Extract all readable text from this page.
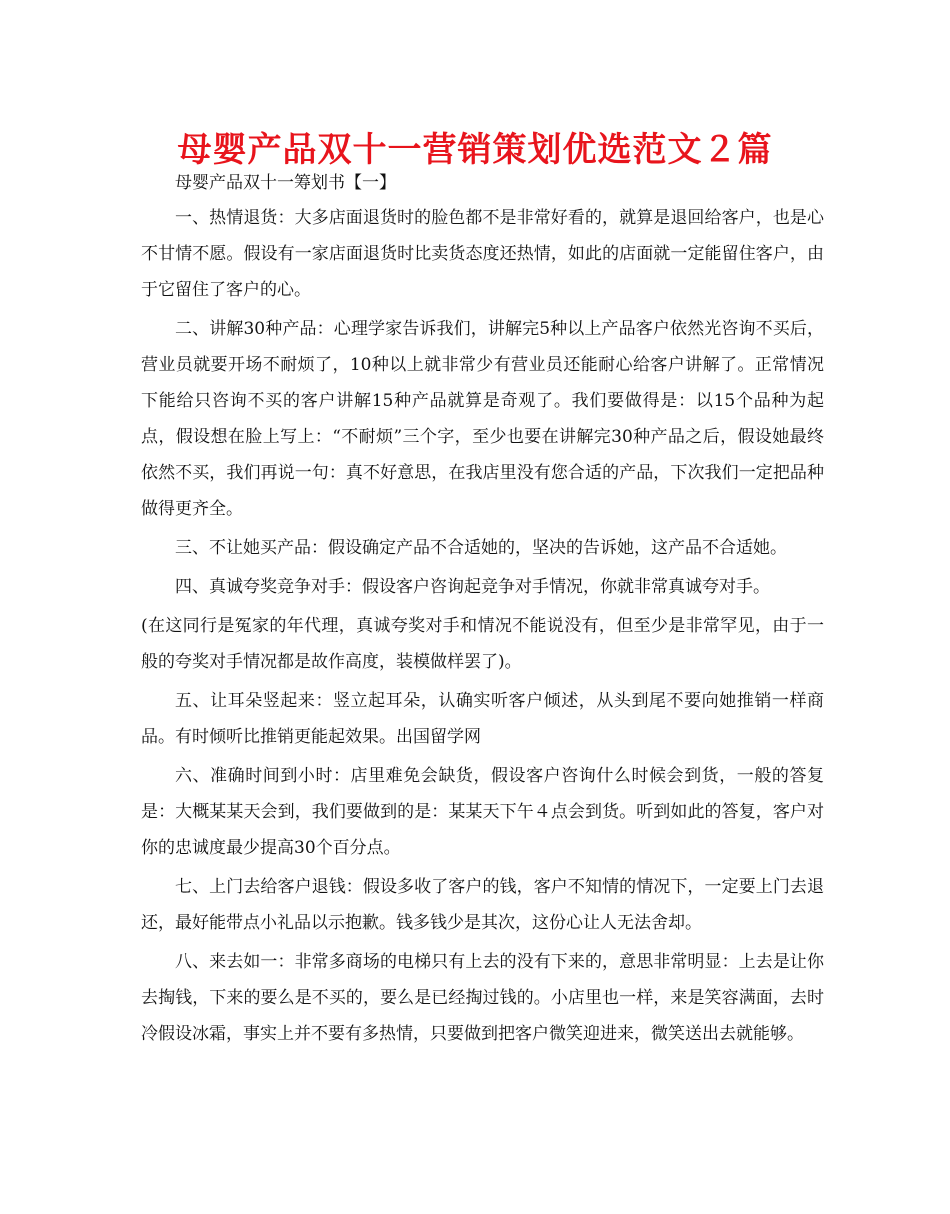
母婴产品双十一营销策划优选范文２篇
母婴产品双十一筹划书【一】

一、热情退货：大多店面退货时的脸色都不是非常好看的，就算是退回给客户，也是心不甘情不愿。假设有一家店面退货时比卖货态度还热情，如此的店面就一定能留住客户，由于它留住了客户的心。

二、讲解30种产品：心理学家告诉我们，讲解完5种以上产品客户依然光咨询不买后，营业员就要开场不耐烦了，10种以上就非常少有营业员还能耐心给客户讲解了。正常情况下能给只咨询不买的客户讲解15种产品就算是奇观了。我们要做得是：以15个品种为起点，假设想在脸上写上：“不耐烦”三个字，至少也要在讲解完30种产品之后，假设她最终依然不买，我们再说一句：真不好意思，在我店里没有您合适的产品，下次我们一定把品种做得更齐全。

三、不让她买产品：假设确定产品不合适她的，坚决的告诉她，这产品不合适她。

四、真诚夸奖竞争对手：假设客户咨询起竞争对手情况，你就非常真诚夸对手。

(在这同行是冤家的年代理，真诚夸奖对手和情况不能说没有，但至少是非常罕见，由于一般的夸奖对手情况都是故作高度，装模做样罢了)。

五、让耳朵竖起来：竖立起耳朵，认确实听客户倾述，从头到尾不要向她推销一样商品。有时倾听比推销更能起效果。出国留学网

六、准确时间到小时：店里难免会缺货，假设客户咨询什么时候会到货，一般的答复是：大概某某天会到，我们要做到的是：某某天下午４点会到货。听到如此的答复，客户对你的忠诚度最少提高30个百分点。

七、上门去给客户退钱：假设多收了客户的钱，客户不知情的情况下，一定要上门去退还，最好能带点小礼品以示抱歉。钱多钱少是其次，这份心让人无法舍却。

八、来去如一：非常多商场的电梯只有上去的没有下来的，意思非常明显：上去是让你去掏钱，下来的要么是不买的，要么是已经掏过钱的。小店里也一样，来是笑容满面，去时冷假设冰霜，事实上并不要有多热情，只要做到把客户微笑迎进来，微笑送出去就能够。
